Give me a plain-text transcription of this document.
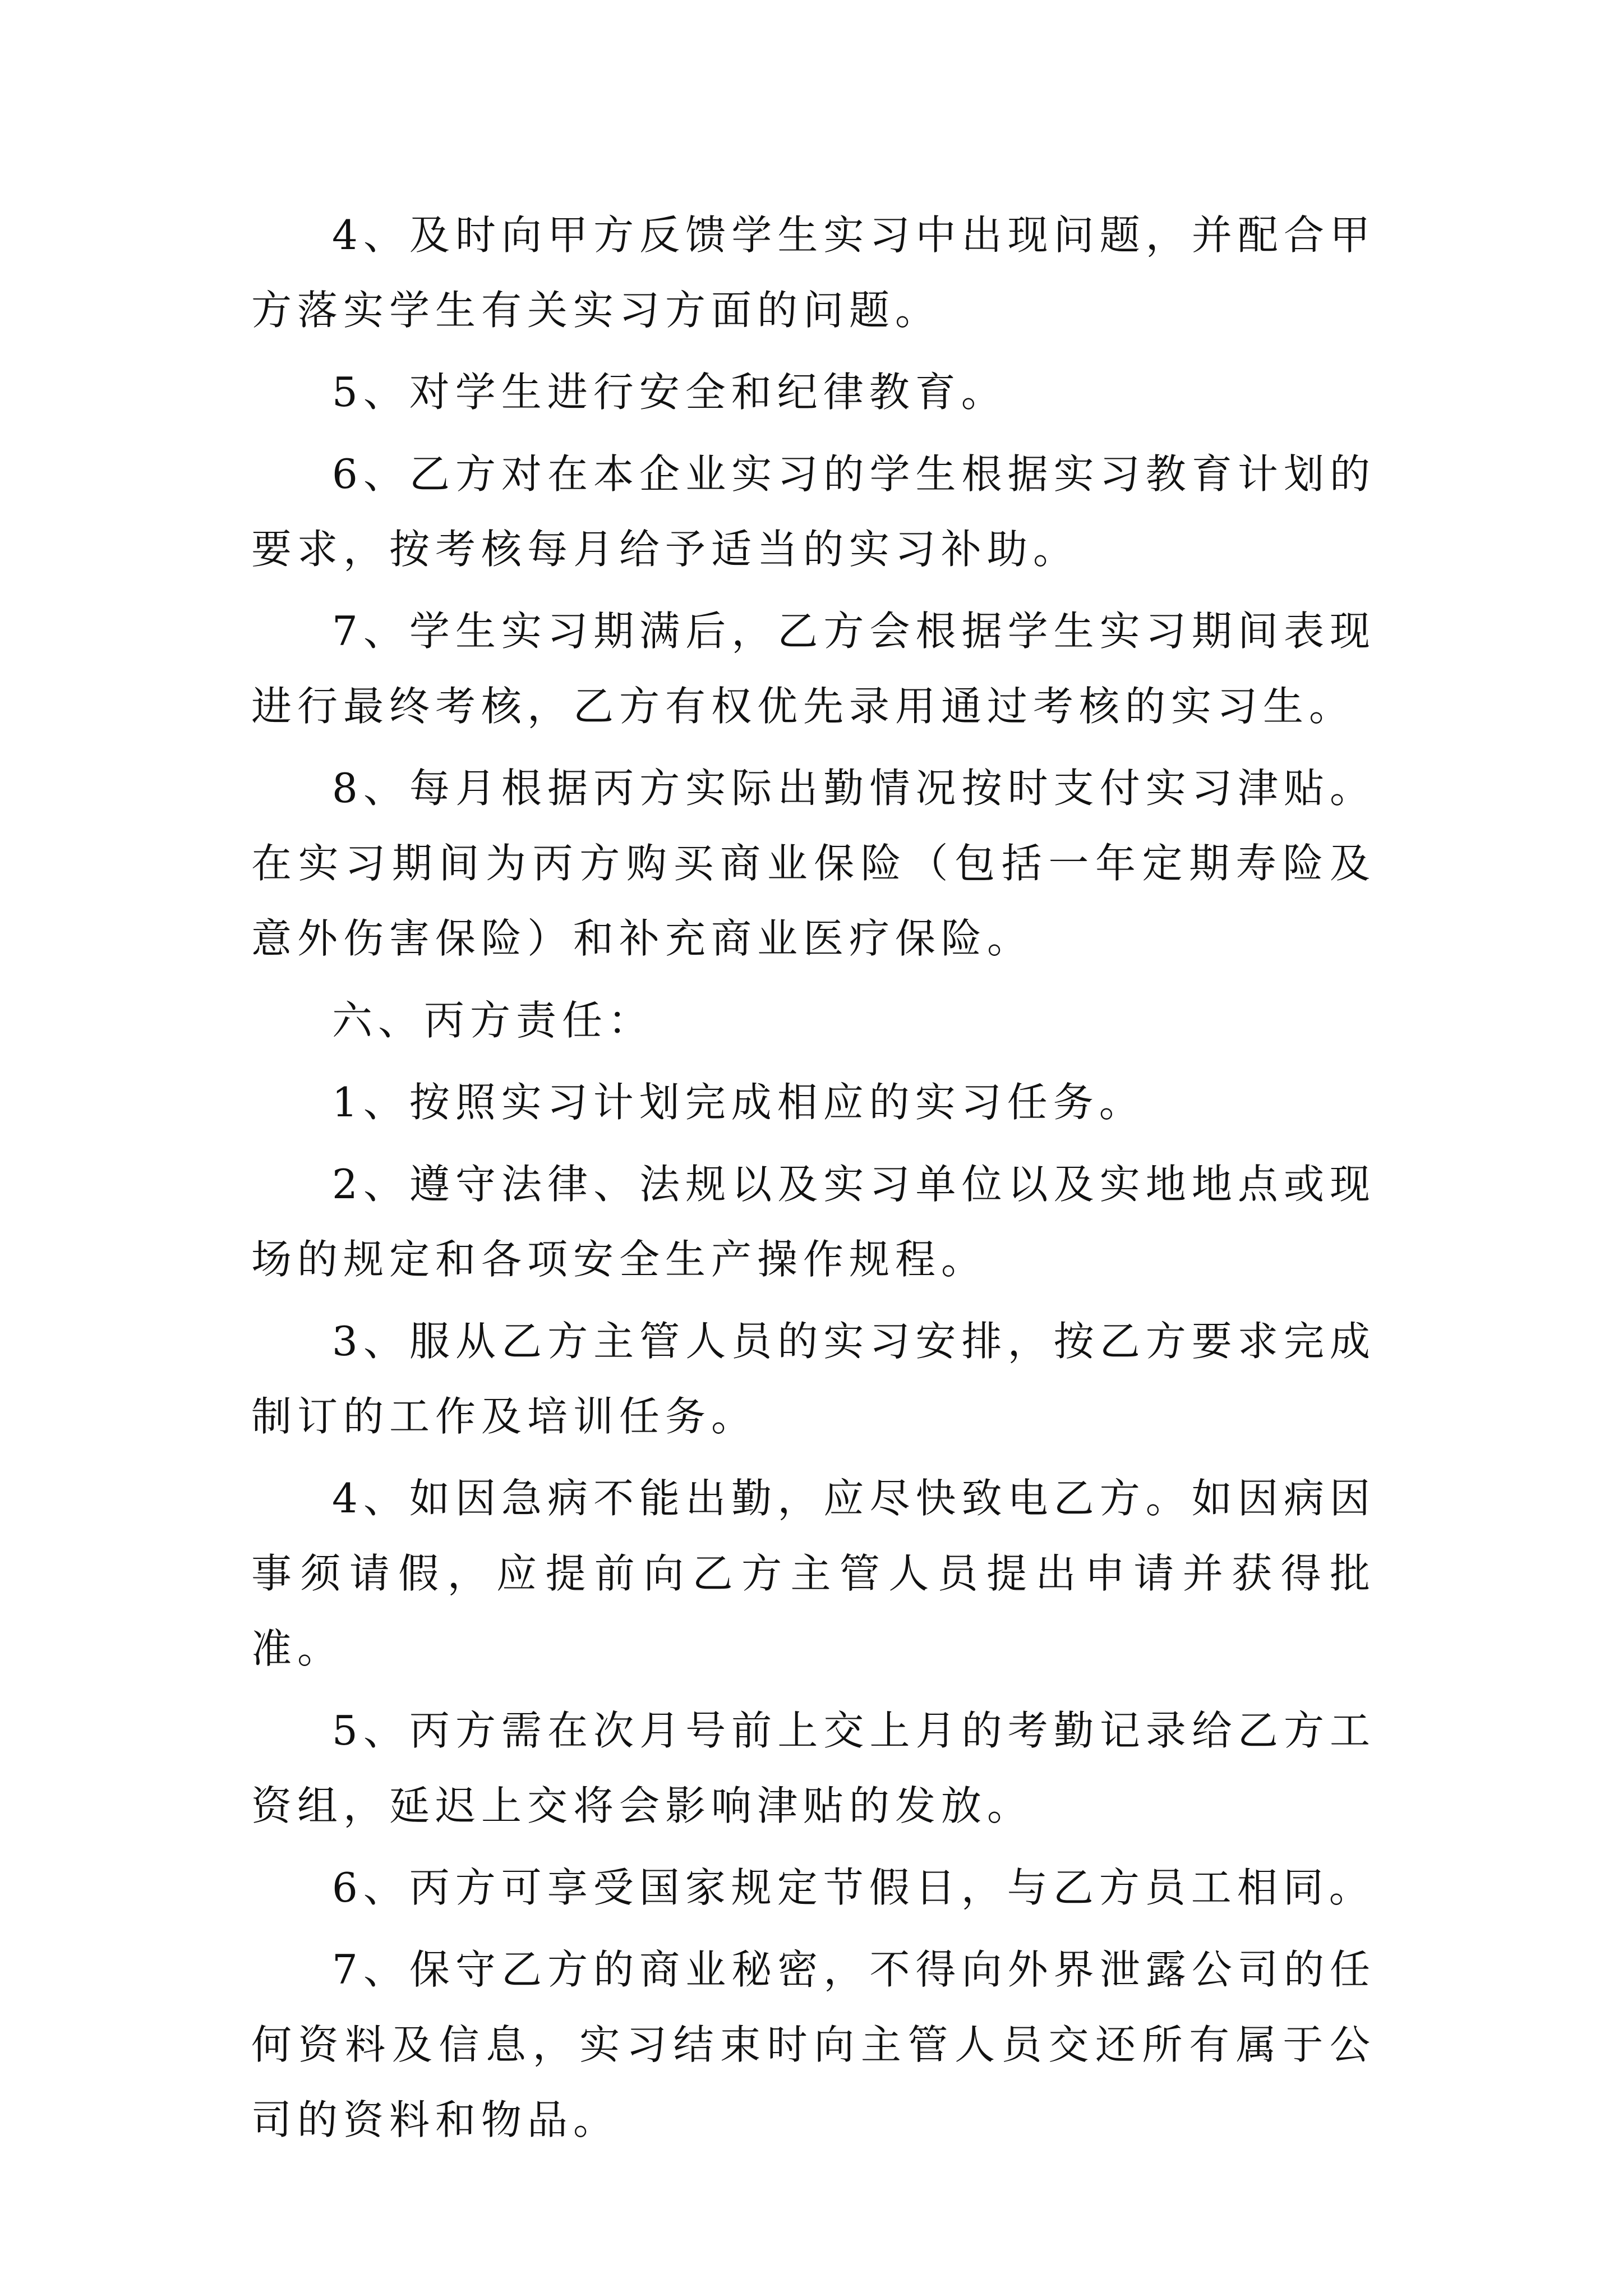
4、及时向甲方反馈学生实习中出现问题，并配合甲方落实学生有关实习方面的问题。

5、对学生进行安全和纪律教育。

6、乙方对在本企业实习的学生根据实习教育计划的要求，按考核每月给予适当的实习补助。

7、学生实习期满后，乙方会根据学生实习期间表现进行最终考核，乙方有权优先录用通过考核的实习生。

8、每月根据丙方实际出勤情况按时支付实习津贴。在实习期间为丙方购买商业保险（包括一年定期寿险及意外伤害保险）和补充商业医疗保险。

六、丙方责任：

1、按照实习计划完成相应的实习任务。

2、遵守法律、法规以及实习单位以及实地地点或现场的规定和各项安全生产操作规程。

3、服从乙方主管人员的实习安排，按乙方要求完成制订的工作及培训任务。

4、如因急病不能出勤，应尽快致电乙方。如因病因事须请假，应提前向乙方主管人员提出申请并获得批准。

5、丙方需在次月号前上交上月的考勤记录给乙方工资组，延迟上交将会影响津贴的发放。

6、丙方可享受国家规定节假日，与乙方员工相同。

7、保守乙方的商业秘密，不得向外界泄露公司的任何资料及信息，实习结束时向主管人员交还所有属于公司的资料和物品。
